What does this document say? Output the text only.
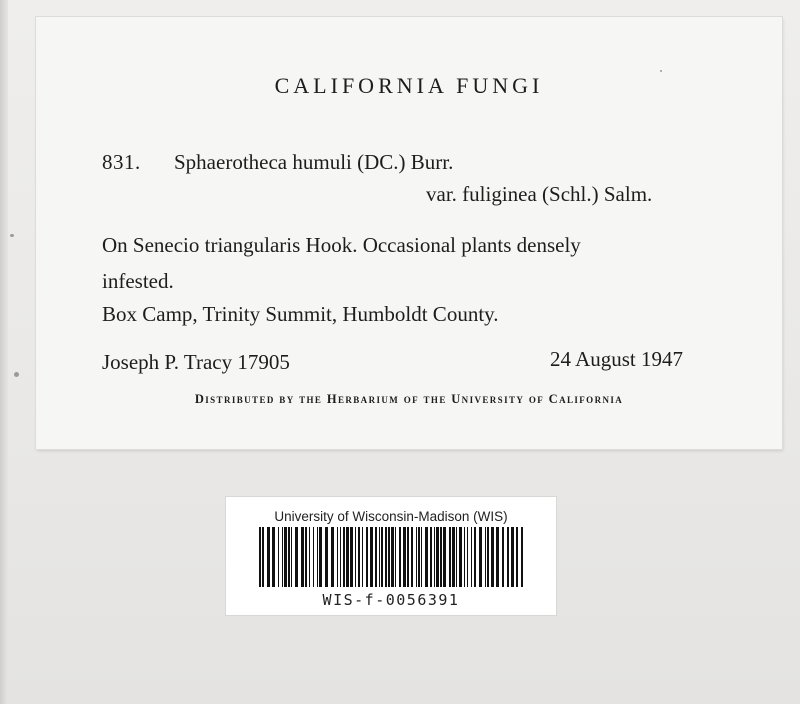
CALIFORNIA FUNGI

831. Sphaerotheca humuli (DC.) Burr.

var. fuliginea (Schl.) Salm.

On Senecio triangularis Hook. Occasional plants densely

infested.

Box Camp, Trinity Summit, Humboldt County.

Joseph P. Tracy 17905	24 August 1947

Distributed by the Herbarium of the University of California
University of Wisconsin-Madison (WIS)
WIS-f-0056391
